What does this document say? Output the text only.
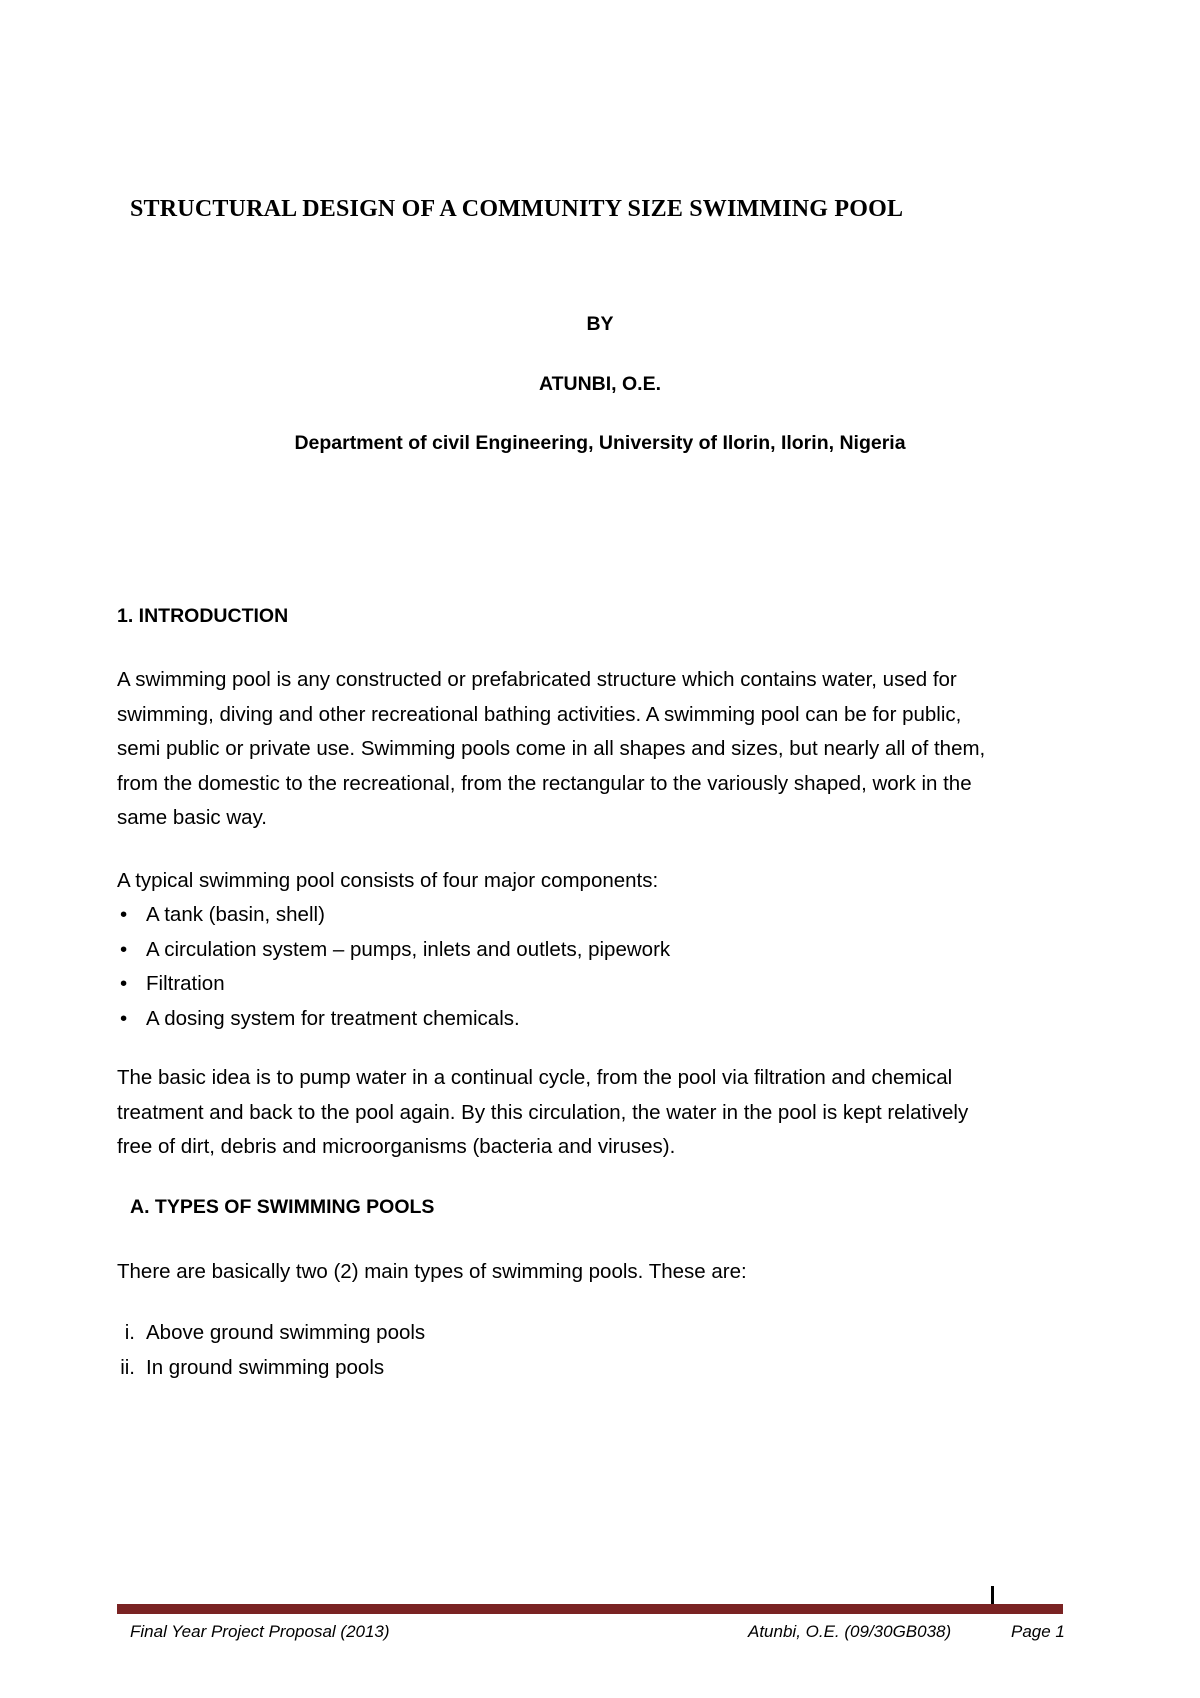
STRUCTURAL DESIGN OF A COMMUNITY SIZE SWIMMING POOL
BY
ATUNBI, O.E.
Department of civil Engineering, University of Ilorin, Ilorin, Nigeria
1. INTRODUCTION
A swimming pool is any constructed or prefabricated structure which contains water, used for
swimming, diving and other recreational bathing activities. A swimming pool can be for public,
semi public or private use. Swimming pools come in all shapes and sizes, but nearly all of them,
from the domestic to the recreational, from the rectangular to the variously shaped, work in the
same basic way.
A typical swimming pool consists of four major components:
• A tank (basin, shell)
• A circulation system – pumps, inlets and outlets, pipework
• Filtration
• A dosing system for treatment chemicals.
The basic idea is to pump water in a continual cycle, from the pool via filtration and chemical
treatment and back to the pool again. By this circulation, the water in the pool is kept relatively
free of dirt, debris and microorganisms (bacteria and viruses).
A. TYPES OF SWIMMING POOLS
There are basically two (2) main types of swimming pools. These are:
i. Above ground swimming pools
ii. In ground swimming pools
Final Year Project Proposal (2013)	Atunbi, O.E. (09/30GB038)	Page 1
